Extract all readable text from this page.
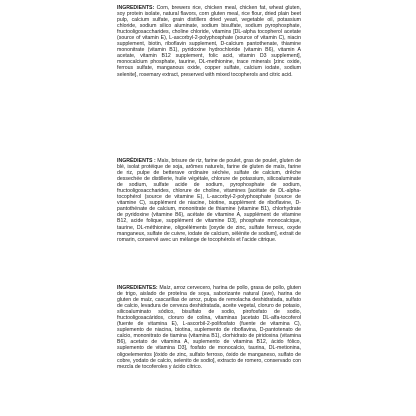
INGREDIENTS: Corn, brewers rice, chicken meal, chicken fat, wheat gluten, soy protein isolate, natural flavors, corn gluten meal, rice flour, dried plain beet pulp, calcium sulfate, grain distillers dried yeast, vegetable oil, potassium chloride, sodium silico aluminate, sodium bisulfate, sodium pyrophosphate, fructooligosaccharides, choline chloride, vitamins [DL-alpha tocopherol acetate (source of vitamin E), L-ascorbyl-2-polyphosphate (source of vitamin C), niacin supplement, biotin, riboflavin supplement, D-calcium pantothenate, thiamine mononitrate (vitamin B1), pyridoxine hydrochloride (vitamin B6), vitamin A acetate, vitamin B12 supplement, folic acid, vitamin D3 supplement], monocalcium phosphate, taurine, DL-methionine, trace minerals [zinc oxide, ferrous sulfate, manganous oxide, copper sulfate, calcium iodate, sodium selenite], rosemary extract, preserved with mixed tocopherols and citric acid.

INGRÉDIENTS : Maïs, brisure de riz, farine de poulet, gras de poulet, gluten de blé, isolat protéique de soja, arômes naturels, farine de gluten de maïs, farine de riz, pulpe de betterave ordinaire séchée, sulfate de calcium, drêche dessechée de distillerie, huile végétale, chlorure de potassium, silicoaluminate de sodium, sulfate acide de sodium, pyrophosphate de sodium, fructooligosaccharides, chlorure de choline, vitamines [acétate de DL-alpha-tocophérol (source de vitamine E), L-ascorbyl-2-polyphosphate (source de vitamine C), supplément de niacine, biotine, supplément de riboflavine, D-pantothénate de calcium, mononitrate de thiamine (vitamine B1), chlorhydrate de pyridoxine (vitamine B6), acétate de vitamine A, supplément de vitamine B12, acide folique, supplément de vitamine D3], phosphate monocalcique, taurine, DL-méthionine, oligoéléments [oxyde de zinc, sulfate ferreux, oxyde manganeux, sulfate de cuivre, iodate de calcium, sélénite de sodium], extrait de romarin, conservé avec un mélange de tocophérols et l'acide citrique.

INGREDIENTES: Maíz, arroz cervecero, harina de pollo, grasa de pollo, gluten de trigo, aislado de proteína de soya, saborizante natural (ave), harina de gluten de maíz, cascarillas de arroz, pulpa de remolacha deshidratada, sulfato de calcio, levadura de cerveza deshidratada, aceite vegetal, cloruro de potasio, silicoaluminato sódico, bisulfato de sodio, pirofosfato de sodio, fructooligosacáridos, cloruro de colina, vitaminas [acetato DL-alfa-tocoferol (fuente de vitamina E), L-ascorbil-2-polifosfato (fuente de vitamina C), suplemento de niacina, biotina, suplemento de riboflavina, D-pantotenato de calcio, mononitrato de tiamina (vitamina B1), clorhidrato de piridoxina (vitamina B6), acetato de vitamina A, suplemento de vitamina B12, ácido fólico, suplemento de vitamina D3], fosfato de monocalcio, taurina, DL-metionina, oligoelementos [óxido de zinc, sulfato ferroso, óxido de manganeso, sulfato de cobre, yodato de calcio, selenito de sodio], extracto de romero, conservado con mezcla de tocoferoles y ácido cítrico.
